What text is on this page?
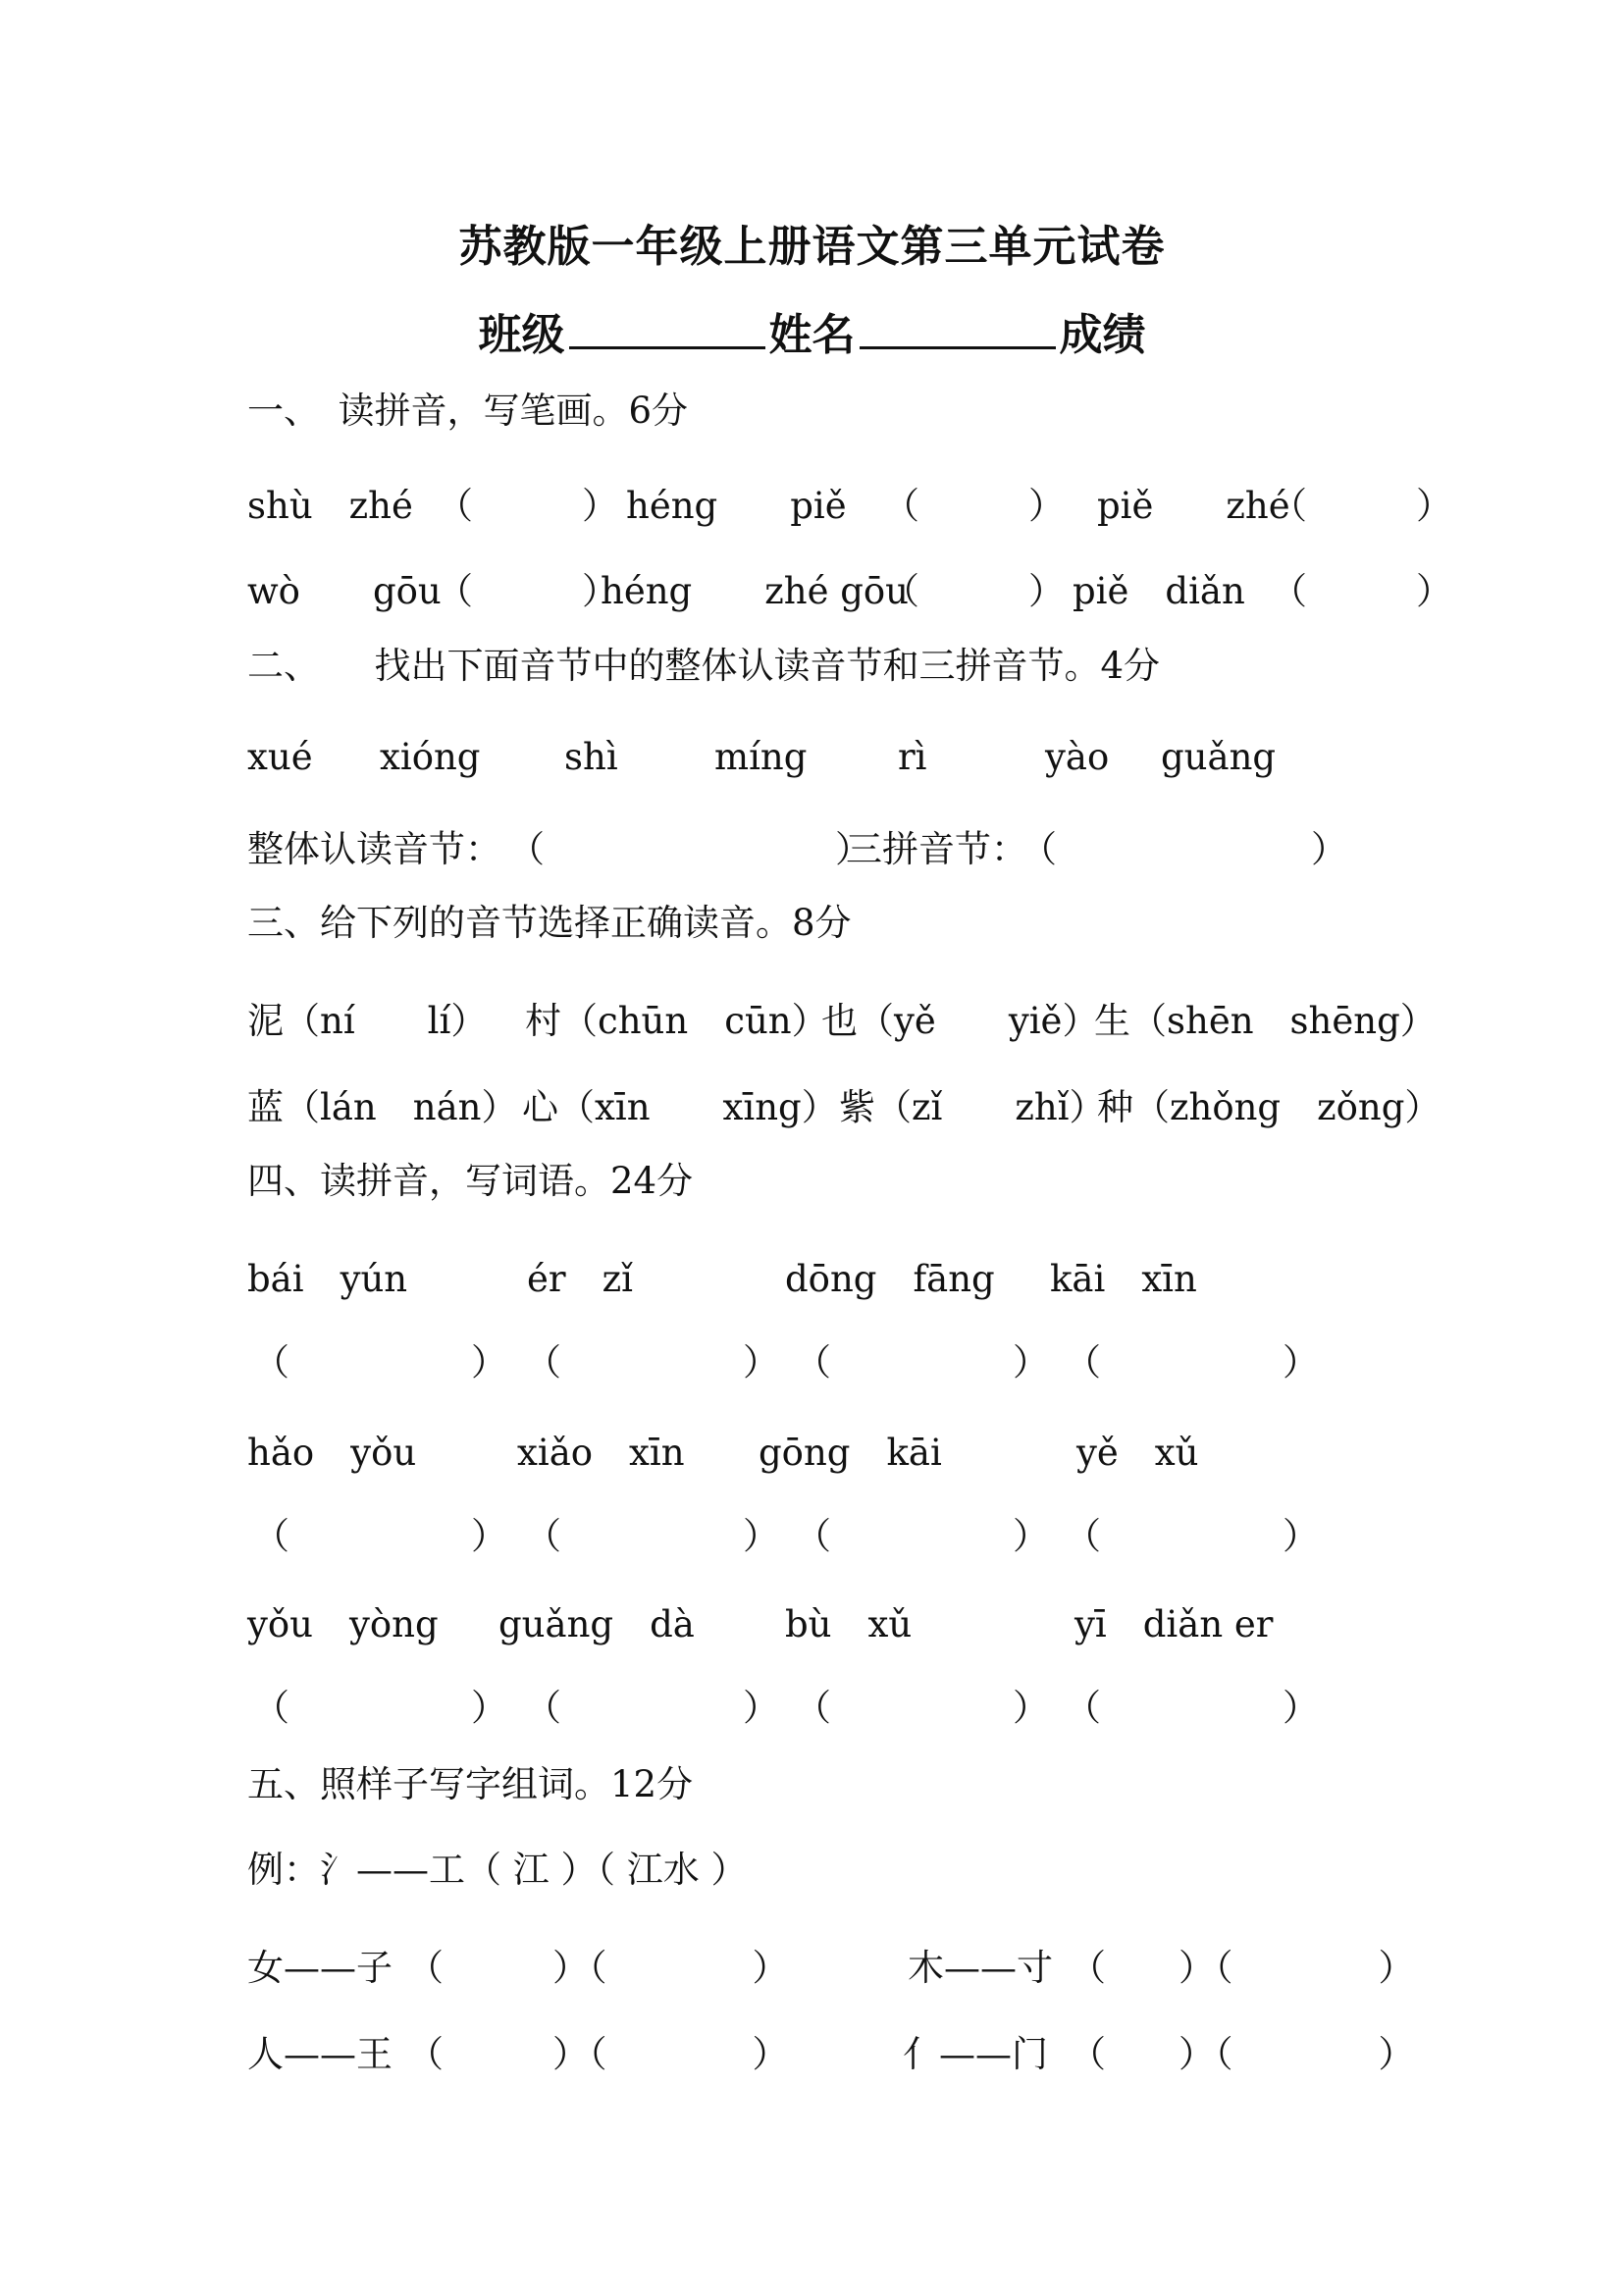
苏教版一年级上册语文第三单元试卷
班级	姓名	成绩
一、　读拼音，写笔画。6分
shù　zhé （　　　） héng　　piě （　　　） piě　　zhé
（　　　）
wò　　gōu
（　　　）
héng　　zhé gōu
（　　　） piě　diǎn （　　　）
二、　　找出下面音节中的整体认读音节和三拼音节。4分
xué xióng shì	míng	rì	yào guǎng
整体认读音节： （　　　　　　　　）
三拼音节：
（　　　　　　　）
三、给下列的音节选择正确读音。8分
泥（ní　　 lí） 村（chūn　 cūn）
也（yě　　 yiě）
生（shēn　 shēng）
蓝（lán　 nán） 心（xīn　　 xīng） 紫（zǐ　　 zhǐ）
种（zhǒng　 zǒng）
四、读拼音，写词语。24分
bái　yún	ér　zǐ	dōng　fāng kāi　xīn
（　　　　　） （　　　　　） （　　　　　） （　　　　　）
hǎo　yǒu	xiǎo　xīn gōng　kāi	yě　xǔ
（　　　　　） （　　　　　） （　　　　　） （　　　　　）
yǒu　yòng guǎng　dà bù　xǔ	yī　diǎn er
（　　　　　） （　　　　　） （　　　　　） （　　　　　）
五、照样子写字组词。12分
例：氵——工（ 江 ）（ 江水 ）
女——子 （　　　）（　　　　）	木——寸 （　　）（　　　　）
人——王 （　　　）（　　　　）	亻——门 （　　）（　　　　）
